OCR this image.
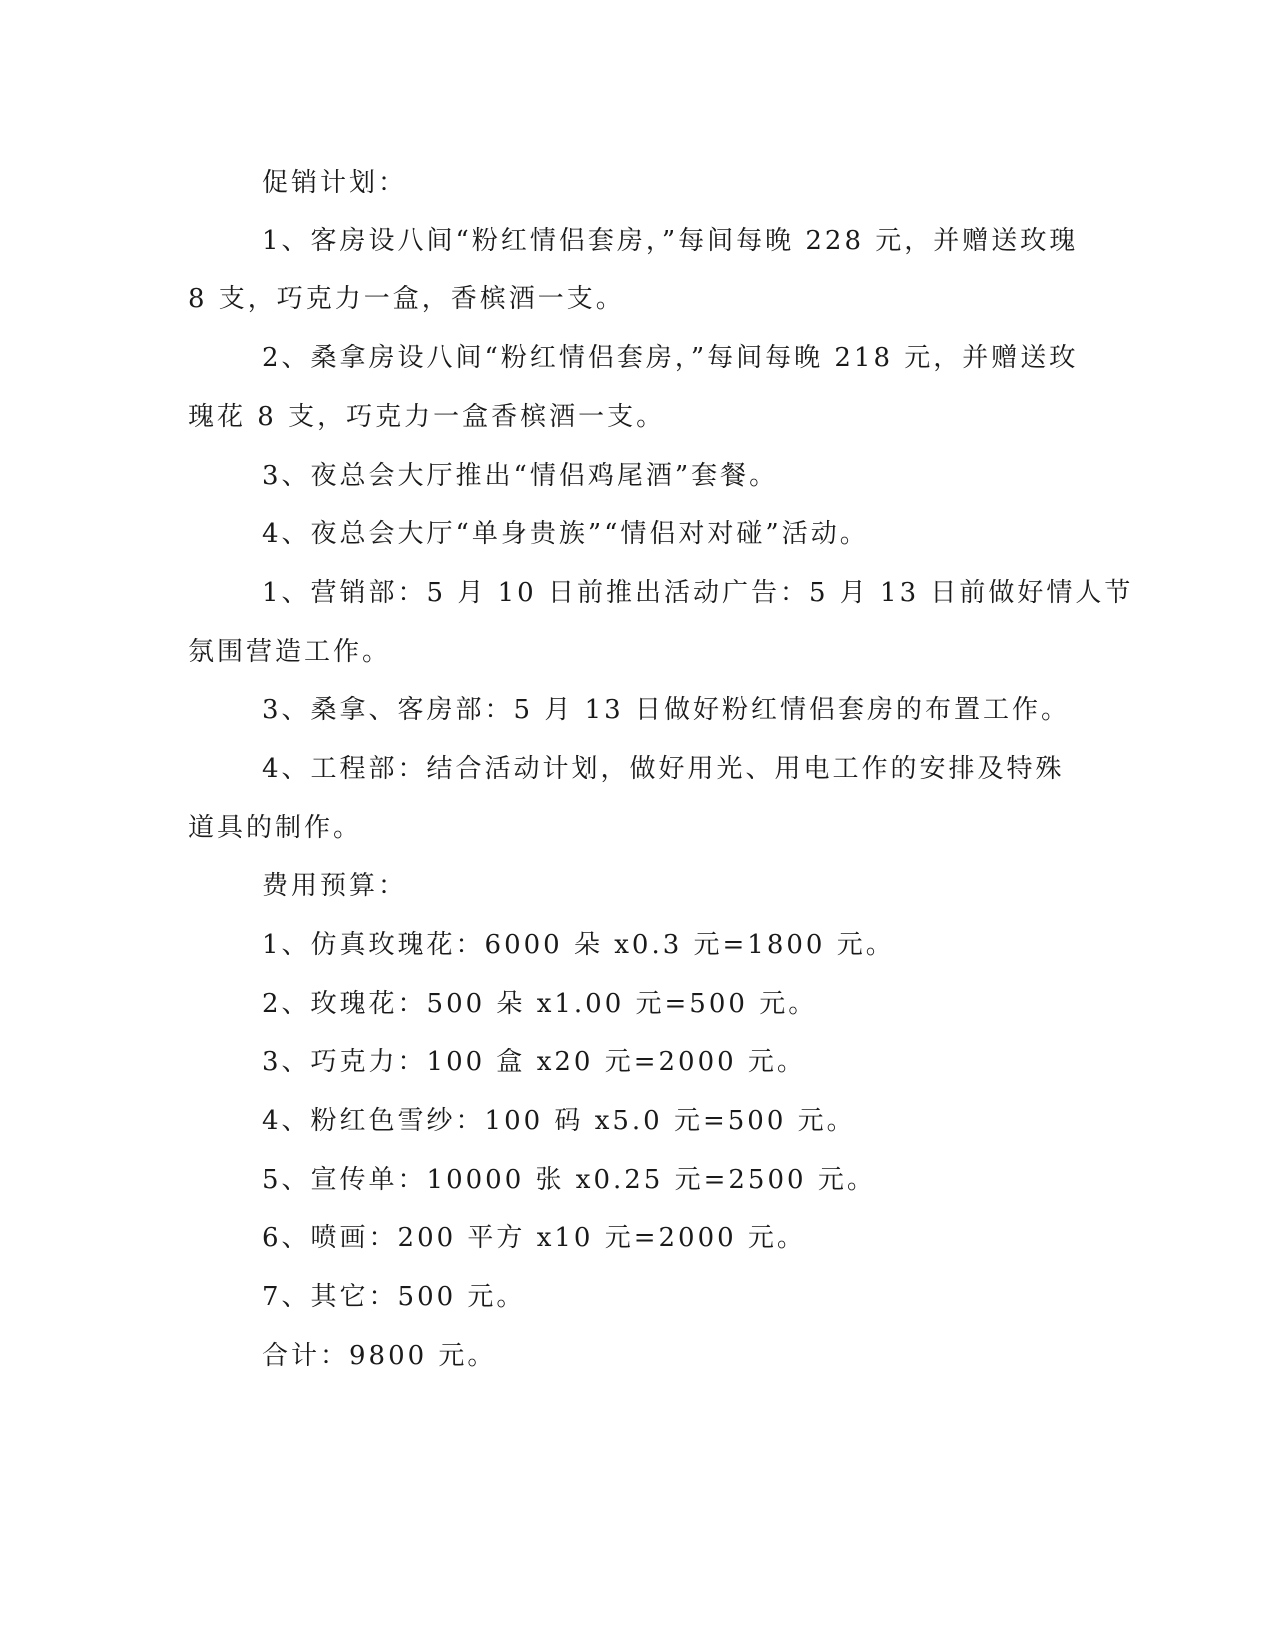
促销计划：

1、客房设八间“粉红情侣套房，”每间每晚 228 元，并赠送玫瑰

8 支，巧克力一盒，香槟酒一支。

2、桑拿房设八间“粉红情侣套房，”每间每晚 218 元，并赠送玫

瑰花 8 支，巧克力一盒香槟酒一支。

3、夜总会大厅推出“情侣鸡尾酒”套餐。

4、夜总会大厅“单身贵族”“情侣对对碰”活动。

1、营销部：5 月 10 日前推出活动广告：5 月 13 日前做好情人节

氛围营造工作。

3、桑拿、客房部：5 月 13 日做好粉红情侣套房的布置工作。

4、工程部：结合活动计划，做好用光、用电工作的安排及特殊

道具的制作。

费用预算：

1、仿真玫瑰花：6000 朵 x0.3 元=1800 元。

2、玫瑰花：500 朵 x1.00 元=500 元。

3、巧克力：100 盒 x20 元=2000 元。

4、粉红色雪纱：100 码 x5.0 元=500 元。

5、宣传单：10000 张 x0.25 元=2500 元。

6、喷画：200 平方 x10 元=2000 元。

7、其它：500 元。

合计：9800 元。
